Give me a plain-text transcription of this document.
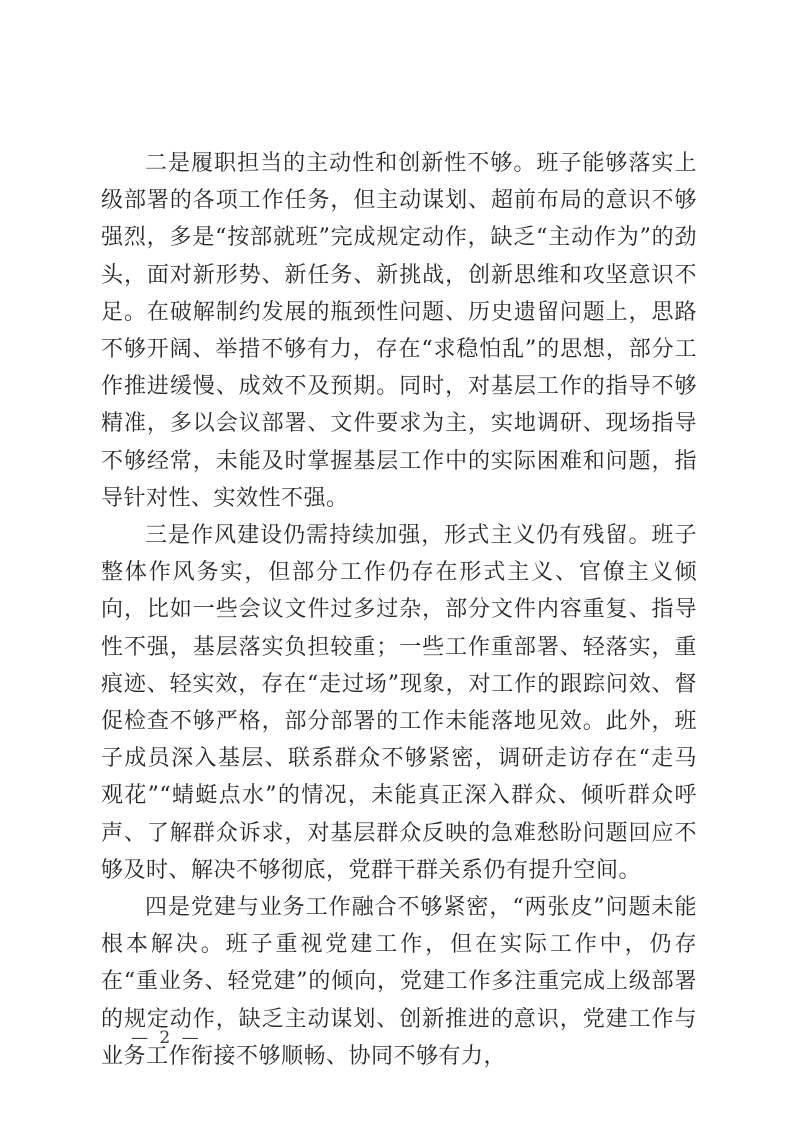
二是履职担当的主动性和创新性不够。班子能够落实上级部署的各项工作任务，但主动谋划、超前布局的意识不够强烈，多是“按部就班”完成规定动作，缺乏“主动作为”的劲头，面对新形势、新任务、新挑战，创新思维和攻坚意识不足。在破解制约发展的瓶颈性问题、历史遗留问题上，思路不够开阔、举措不够有力，存在“求稳怕乱”的思想，部分工作推进缓慢、成效不及预期。同时，对基层工作的指导不够精准，多以会议部署、文件要求为主，实地调研、现场指导不够经常，未能及时掌握基层工作中的实际困难和问题，指导针对性、实效性不强。

三是作风建设仍需持续加强，形式主义仍有残留。班子整体作风务实，但部分工作仍存在形式主义、官僚主义倾向，比如一些会议文件过多过杂，部分文件内容重复、指导性不强，基层落实负担较重；一些工作重部署、轻落实，重痕迹、轻实效，存在“走过场”现象，对工作的跟踪问效、督促检查不够严格，部分部署的工作未能落地见效。此外，班子成员深入基层、联系群众不够紧密，调研走访存在“走马观花”“蜻蜓点水”的情况，未能真正深入群众、倾听群众呼声、了解群众诉求，对基层群众反映的急难愁盼问题回应不够及时、解决不够彻底，党群干群关系仍有提升空间。

四是党建与业务工作融合不够紧密，“两张皮”问题未能根本解决。班子重视党建工作，但在实际工作中，仍存在“重业务、轻党建”的倾向，党建工作多注重完成上级部署的规定动作，缺乏主动谋划、创新推进的意识，党建工作与业务工作衔接不够顺畅、协同不够有力，

— 2 —
